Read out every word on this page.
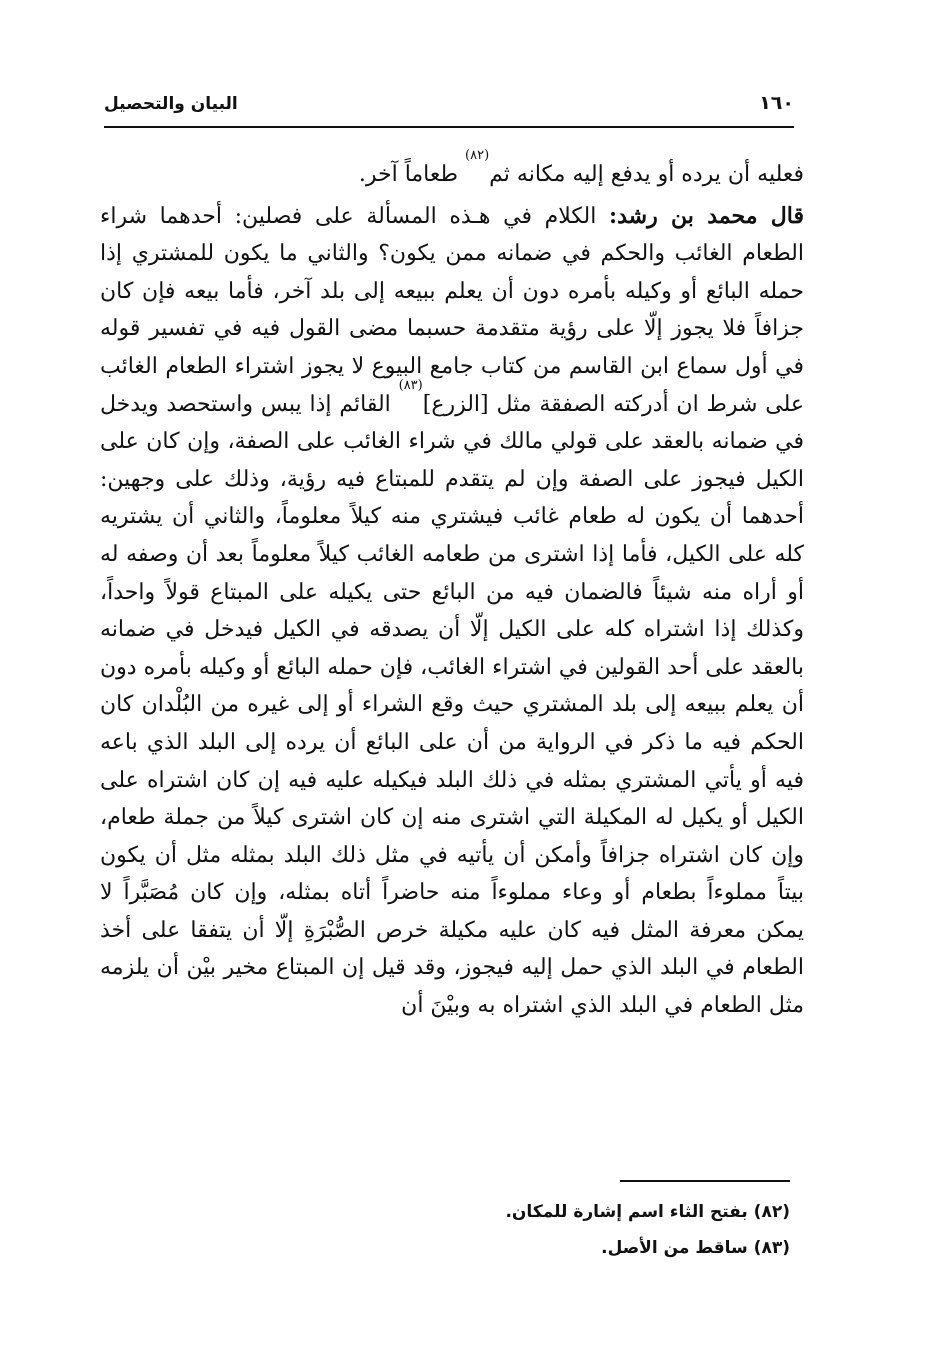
١٦٠
البيان والتحصيل

فعليه أن يرده أو يدفع إليه مكانه ثم$^{(٨٢)}$ طعاماً آخر.

قال محمد بن رشد: الكلام في هـذه المسألة على فصلين: أحدهما شراء الطعام الغائب والحكم في ضمانه ممن يكون؟ والثاني ما يكون للمشتري إذا حمله البائع أو وكيله بأمره دون أن يعلم ببيعه إلى بلد آخر، فأما بيعه فإن كان جزافاً فلا يجوز إلّا على رؤية متقدمة حسبما مضى القول فيه في تفسير قوله في أول سماع ابن القاسم من كتاب جامع البيوع لا يجوز اشتراء الطعام الغائب على شرط ان أدركته الصفقة مثل [الزرع]$^{(٨٣)}$ القائم إذا يبس واستحصد ويدخل في ضمانه بالعقد على قولي مالك في شراء الغائب على الصفة، وإن كان على الكيل فيجوز على الصفة وإن لم يتقدم للمبتاع فيه رؤية، وذلك على وجهين: أحدهما أن يكون له طعام غائب فيشتري منه كيلاً معلوماً، والثاني أن يشتريه كله على الكيل، فأما إذا اشترى من طعامه الغائب كيلاً معلوماً بعد أن وصفه له أو أراه منه شيئاً فالضمان فيه من البائع حتى يكيله على المبتاع قولاً واحداً، وكذلك إذا اشتراه كله على الكيل إلّا أن يصدقه في الكيل فيدخل في ضمانه بالعقد على أحد القولين في اشتراء الغائب، فإن حمله البائع أو وكيله بأمره دون أن يعلم ببيعه إلى بلد المشتري حيث وقع الشراء أو إلى غيره من البُلْدان كان الحكم فيه ما ذكر في الرواية من أن على البائع أن يرده إلى البلد الذي باعه فيه أو يأتي المشتري بمثله في ذلك البلد فيكيله عليه فيه إن كان اشتراه على الكيل أو يكيل له المكيلة التي اشترى منه إن كان اشترى كيلاً من جملة طعام، وإن كان اشتراه جزافاً وأمكن أن يأتيه في مثل ذلك البلد بمثله مثل أن يكون بيتاً مملوءاً بطعام أو وعاء مملوءاً منه حاضراً أتاه بمثله، وإن كان مُصَبَّراً لا يمكن معرفة المثل فيه كان عليه مكيلة خرص الصُّبْرَةِ إلّا أن يتفقا على أخذ الطعام في البلد الذي حمل إليه فيجوز، وقد قيل إن المبتاع مخير بيْن أن يلزمه مثل الطعام في البلد الذي اشتراه به وبيْنَ أن

(٨٢) بفتح الثاء اسم إشارة للمكان.

(٨٣) ساقط من الأصل.
